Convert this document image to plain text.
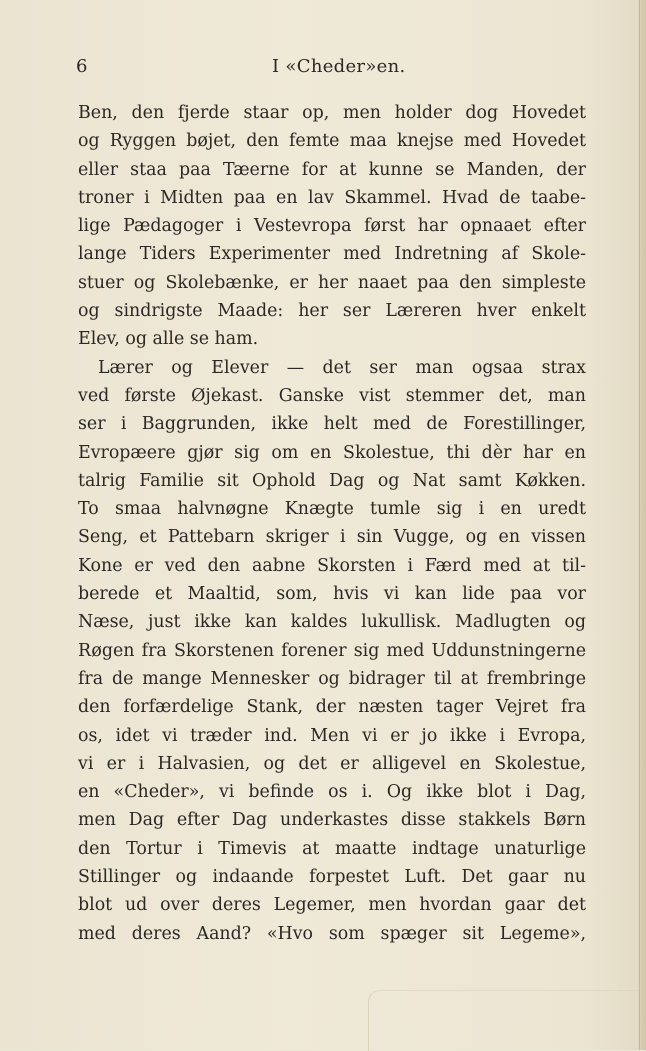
6	I «Cheder»en.
Ben, den fjerde staar op, men holder dog Hovedet
og Ryggen bøjet, den femte maa knejse med Hovedet
eller staa paa Tæerne for at kunne se Manden, der
troner i Midten paa en lav Skammel. Hvad de taabe-
lige Pædagoger i Vestevropa først har opnaaet efter
lange Tiders Experimenter med Indretning af Skole-
stuer og Skolebænke, er her naaet paa den simpleste
og sindrigste Maade: her ser Læreren hver enkelt
Elev, og alle se ham.
Lærer og Elever — det ser man ogsaa strax
ved første Øjekast. Ganske vist stemmer det, man
ser i Baggrunden, ikke helt med de Forestillinger,
Evropæere gjør sig om en Skolestue, thi dèr har en
talrig Familie sit Ophold Dag og Nat samt Køkken.
To smaa halvnøgne Knægte tumle sig i en uredt
Seng, et Pattebarn skriger i sin Vugge, og en vissen
Kone er ved den aabne Skorsten i Færd med at til-
berede et Maaltid, som, hvis vi kan lide paa vor
Næse, just ikke kan kaldes lukullisk. Madlugten og
Røgen fra Skorstenen forener sig med Uddunstningerne
fra de mange Mennesker og bidrager til at frembringe
den forfærdelige Stank, der næsten tager Vejret fra
os, idet vi træder ind. Men vi er jo ikke i Evropa,
vi er i Halvasien, og det er alligevel en Skolestue,
en «Cheder», vi befinde os i. Og ikke blot i Dag,
men Dag efter Dag underkastes disse stakkels Børn
den Tortur i Timevis at maatte indtage unaturlige
Stillinger og indaande forpestet Luft. Det gaar nu
blot ud over deres Legemer, men hvordan gaar det
med deres Aand? «Hvo som spæger sit Legeme»,
